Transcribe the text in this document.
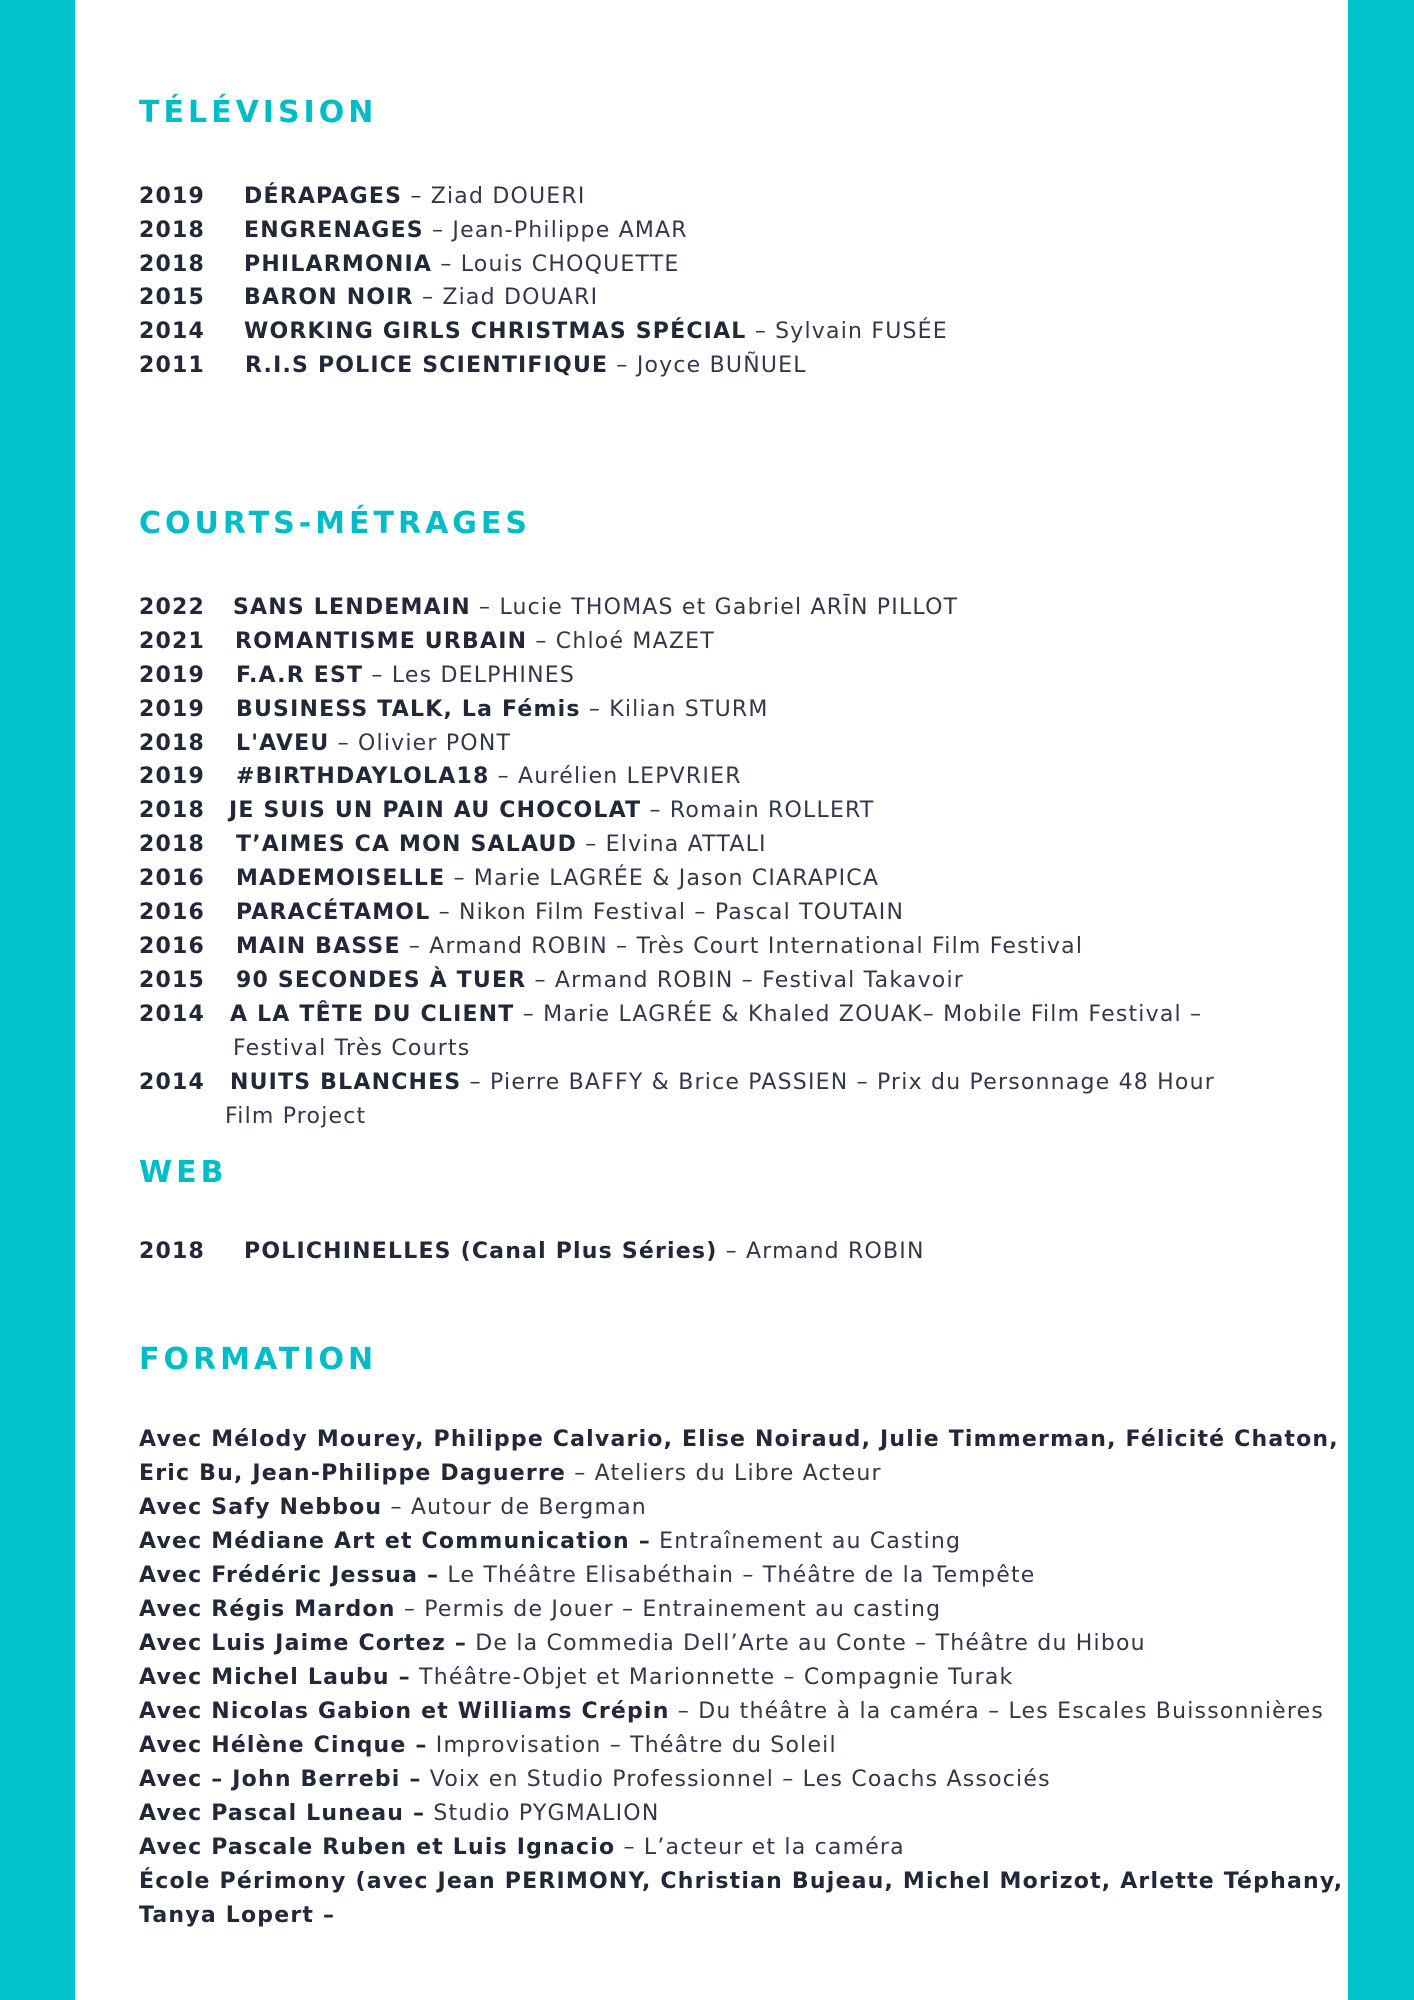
TÉLÉVISION
2019 DÉRAPAGES – Ziad DOUERI
2018 ENGRENAGES – Jean-Philippe AMAR
2018 PHILARMONIA – Louis CHOQUETTE
2015 BARON NOIR – Ziad DOUARI
2014 WORKING GIRLS CHRISTMAS SPÉCIAL – Sylvain FUSÉE
2011 R.I.S POLICE SCIENTIFIQUE – Joyce BUÑUEL
COURTS-MÉTRAGES
2022 SANS LENDEMAIN – Lucie THOMAS et Gabriel ARĪN PILLOT
2021 ROMANTISME URBAIN – Chloé MAZET
2019 F.A.R EST – Les DELPHINES
2019 BUSINESS TALK, La Fémis – Kilian STURM
2018 L'AVEU – Olivier PONT
2019 #BIRTHDAYLOLA18 – Aurélien LEPVRIER
2018 JE SUIS UN PAIN AU CHOCOLAT – Romain ROLLERT
2018 T’AIMES CA MON SALAUD – Elvina ATTALI
2016 MADEMOISELLE – Marie LAGRÉE & Jason CIARAPICA
2016 PARACÉTAMOL – Nikon Film Festival – Pascal TOUTAIN
2016 MAIN BASSE – Armand ROBIN – Très Court International Film Festival
2015 90 SECONDES À TUER – Armand ROBIN – Festival Takavoir
2014 A LA TÊTE DU CLIENT – Marie LAGRÉE & Khaled ZOUAK– Mobile Film Festival –
Festival Très Courts
2014 NUITS BLANCHES – Pierre BAFFY & Brice PASSIEN – Prix du Personnage 48 Hour
Film Project
WEB
2018 POLICHINELLES (Canal Plus Séries) – Armand ROBIN
FORMATION
Avec Mélody Mourey, Philippe Calvario, Elise Noiraud, Julie Timmerman, Félicité Chaton,
Eric Bu, Jean-Philippe Daguerre – Ateliers du Libre Acteur
Avec Safy Nebbou – Autour de Bergman
Avec Médiane Art et Communication – Entraînement au Casting
Avec Frédéric Jessua – Le Théâtre Elisabéthain – Théâtre de la Tempête
Avec Régis Mardon – Permis de Jouer – Entrainement au casting
Avec Luis Jaime Cortez – De la Commedia Dell’Arte au Conte – Théâtre du Hibou
Avec Michel Laubu – Théâtre-Objet et Marionnette – Compagnie Turak
Avec Nicolas Gabion et Williams Crépin – Du théâtre à la caméra – Les Escales Buissonnières
Avec Hélène Cinque – Improvisation – Théâtre du Soleil
Avec – John Berrebi – Voix en Studio Professionnel – Les Coachs Associés
Avec Pascal Luneau – Studio PYGMALION
Avec Pascale Ruben et Luis Ignacio – L’acteur et la caméra
École Périmony (avec Jean PERIMONY, Christian Bujeau, Michel Morizot, Arlette Téphany,
Tanya Lopert –
